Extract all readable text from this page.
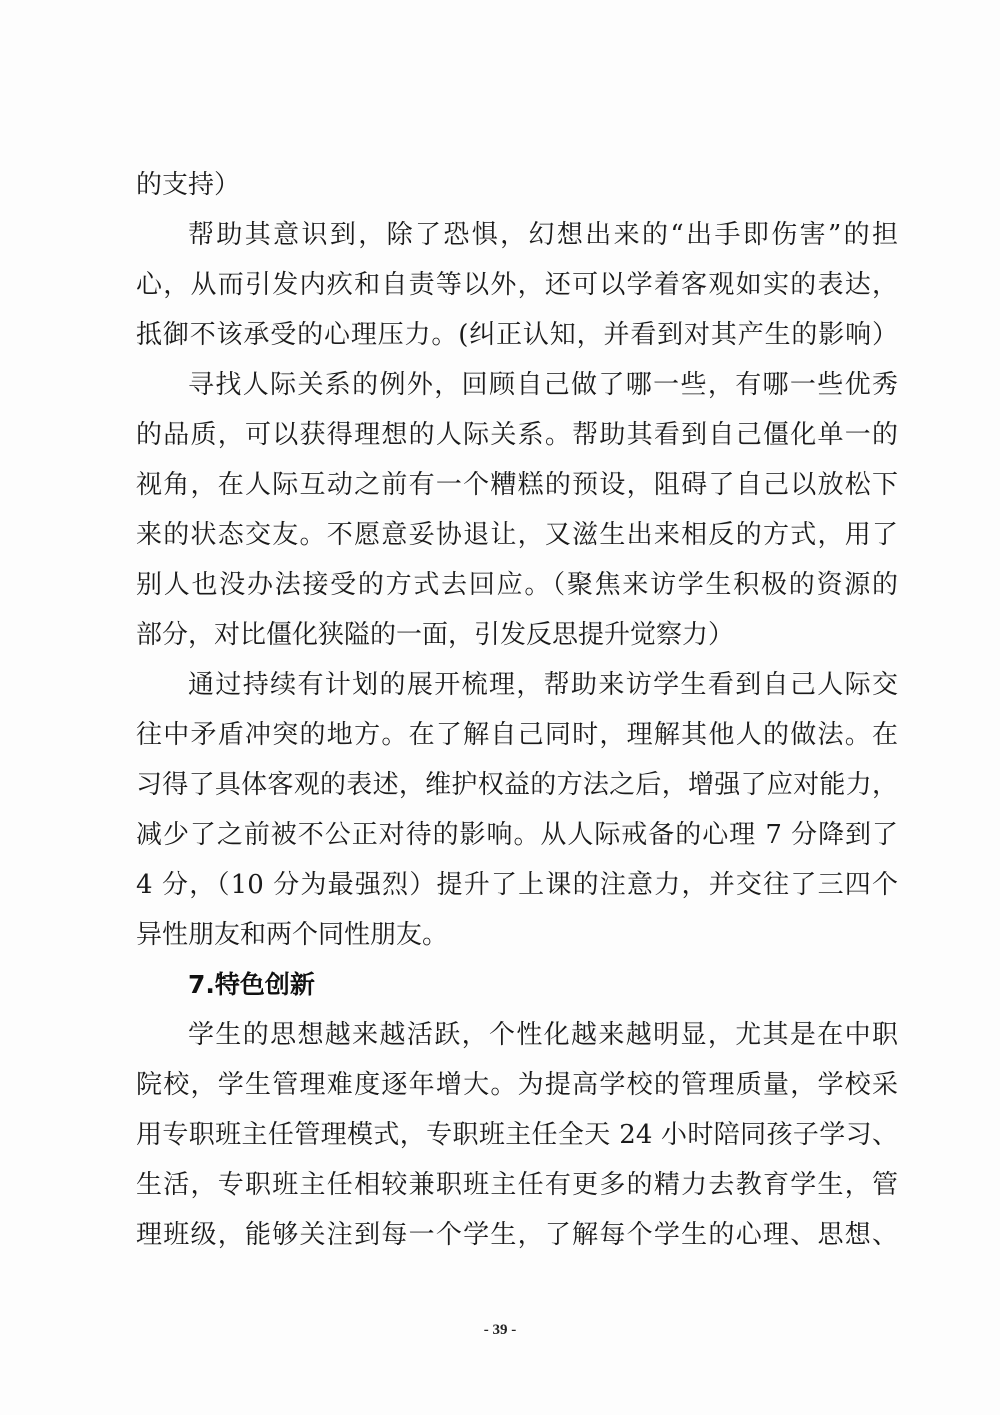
的支持）
帮助其意识到，除了恐惧，幻想出来的“出手即伤害”的担
心，从而引发内疚和自责等以外，还可以学着客观如实的表达，
抵御不该承受的心理压力。(纠正认知，并看到对其产生的影响）
寻找人际关系的例外，回顾自己做了哪一些，有哪一些优秀
的品质，可以获得理想的人际关系。帮助其看到自己僵化单一的
视角，在人际互动之前有一个糟糕的预设，阻碍了自己以放松下
来的状态交友。不愿意妥协退让，又滋生出来相反的方式，用了
别人也没办法接受的方式去回应。（聚焦来访学生积极的资源的
部分，对比僵化狭隘的一面，引发反思提升觉察力）
通过持续有计划的展开梳理，帮助来访学生看到自己人际交
往中矛盾冲突的地方。在了解自己同时，理解其他人的做法。在
习得了具体客观的表述，维护权益的方法之后，增强了应对能力，
减少了之前被不公正对待的影响。从人际戒备的心理 7 分降到了
4 分，（10 分为最强烈）提升了上课的注意力，并交往了三四个
异性朋友和两个同性朋友。
7.特色创新
学生的思想越来越活跃，个性化越来越明显，尤其是在中职
院校，学生管理难度逐年增大。为提高学校的管理质量，学校采
用专职班主任管理模式，专职班主任全天 24 小时陪同孩子学习、
生活，专职班主任相较兼职班主任有更多的精力去教育学生，管
理班级，能够关注到每一个学生，了解每个学生的心理、思想、
- 39 -
